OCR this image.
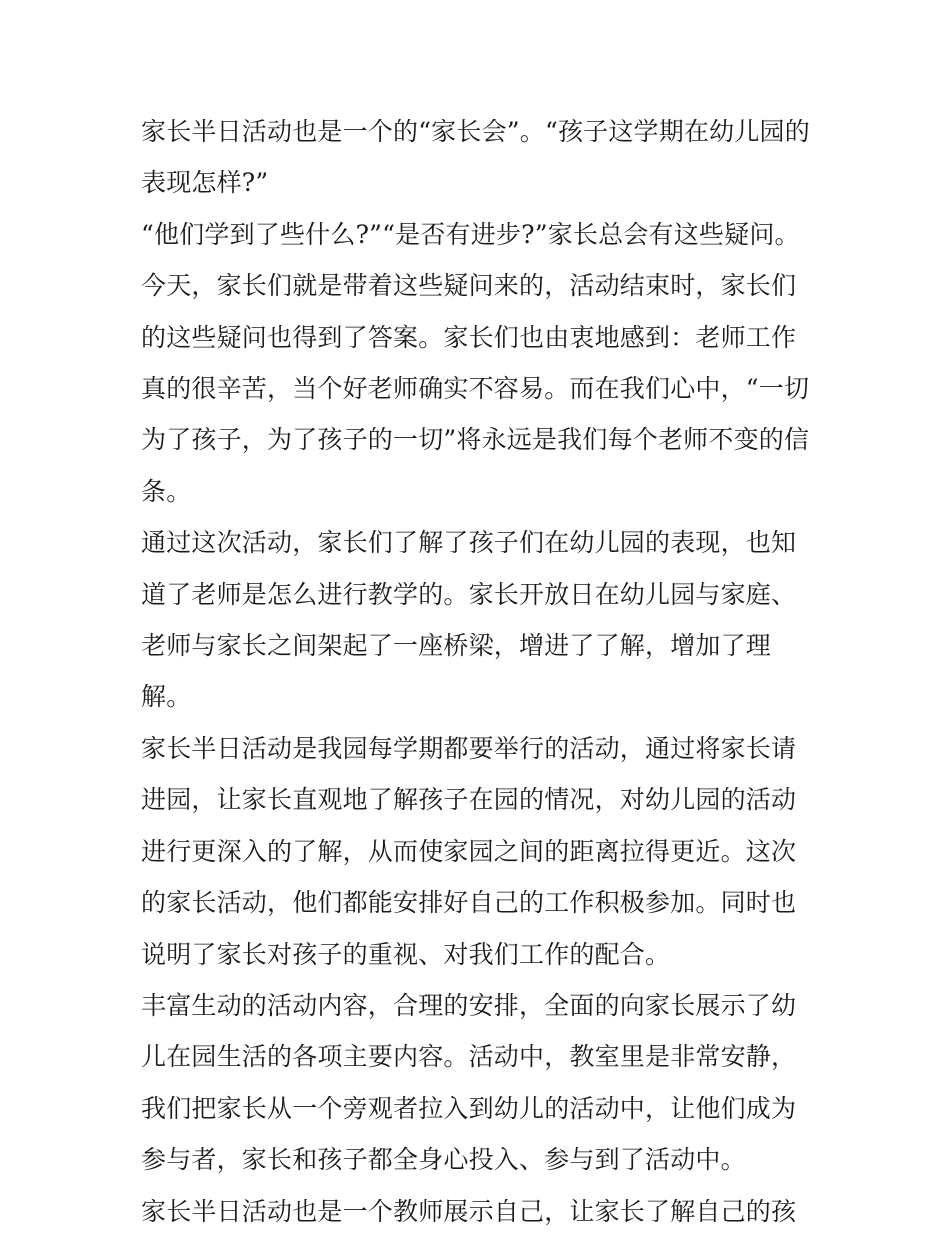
家长半日活动也是一个的“家长会”。“孩子这学期在幼儿园的表现怎样?”

“他们学到了些什么?”“是否有进步?”家长总会有这些疑问。今天，家长们就是带着这些疑问来的，活动结束时，家长们的这些疑问也得到了答案。家长们也由衷地感到：老师工作真的很辛苦，当个好老师确实不容易。而在我们心中，“一切为了孩子，为了孩子的一切”将永远是我们每个老师不变的信条。

通过这次活动，家长们了解了孩子们在幼儿园的表现，也知道了老师是怎么进行教学的。家长开放日在幼儿园与家庭、老师与家长之间架起了一座桥梁，增进了了解，增加了理解。

家长半日活动是我园每学期都要举行的活动，通过将家长请进园，让家长直观地了解孩子在园的情况，对幼儿园的活动进行更深入的了解，从而使家园之间的距离拉得更近。这次的家长活动，他们都能安排好自己的工作积极参加。同时也说明了家长对孩子的重视、对我们工作的配合。

丰富生动的活动内容，合理的安排，全面的向家长展示了幼儿在园生活的各项主要内容。活动中，教室里是非常安静，我们把家长从一个旁观者拉入到幼儿的活动中，让他们成为参与者，家长和孩子都全身心投入、参与到了活动中。

家长半日活动也是一个教师展示自己，让家长了解自己的孩
